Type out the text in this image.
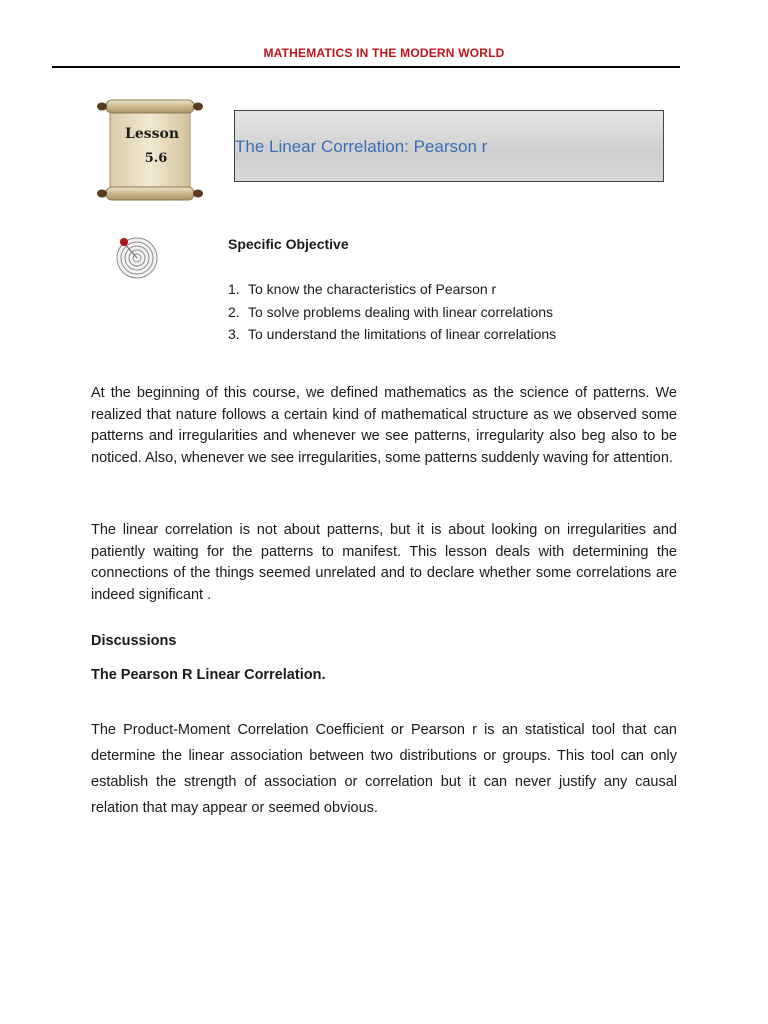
MATHEMATICS IN THE MODERN WORLD
Lesson
5.6
The Linear Correlation: Pearson r
Specific Objective
1. To know the characteristics of Pearson r
2. To solve problems dealing with linear correlations
3. To understand the limitations of linear correlations

At the beginning of this course, we defined mathematics as the science of patterns. We realized that nature follows a certain kind of mathematical structure as we observed some patterns and irregularities and whenever we see patterns, irregularity also beg also to be noticed. Also, whenever we see irregularities, some patterns suddenly waving for attention.

The linear correlation is not about patterns, but it is about looking on irregularities and patiently waiting for the patterns to manifest. This lesson deals with determining the connections of the things seemed unrelated and to declare whether some correlations are indeed significant .

Discussions
The Pearson R Linear Correlation.

The Product-Moment Correlation Coefficient or Pearson r is an statistical tool that can determine the linear association between two distributions or groups. This tool can only establish the strength of association or correlation but it can never justify any causal relation that may appear or seemed obvious.
